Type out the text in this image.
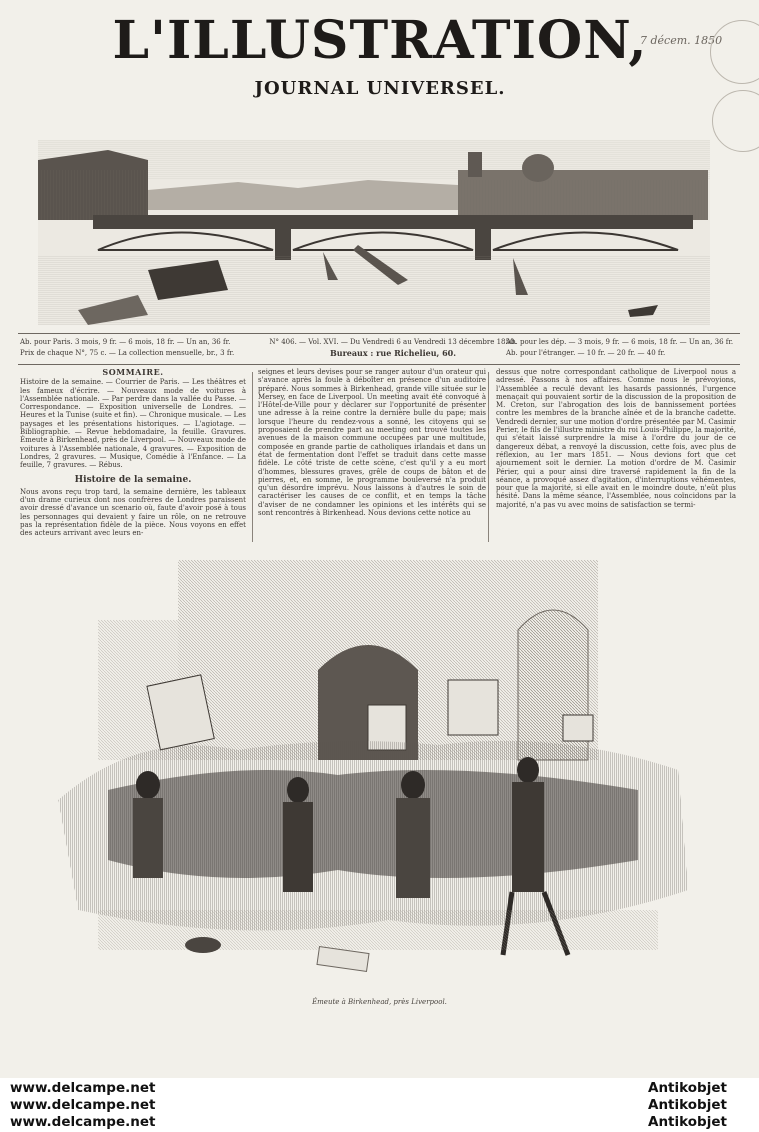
L'ILLUSTRATION,
JOURNAL UNIVERSEL.
7 décem. 1850
Ab. pour Paris. 3 mois, 9 fr. — 6 mois, 18 fr. — Un an, 36 fr.
Prix de chaque N°, 75 c. — La collection mensuelle, br., 3 fr.
N° 406. — Vol. XVI. — Du Vendredi 6 au Vendredi 13 décembre 1850.
Bureaux : rue Richelieu, 60.
Ab. pour les dép. — 3 mois, 9 fr. — 6 mois, 18 fr. — Un an, 36 fr.
Ab. pour l'étranger. — 10 fr. — 20 fr. — 40 fr.
SOMMAIRE.

Histoire de la semaine. — Courrier de Paris. — Les théâtres et les fameux d'écrire. — Nouveaux mode de voitures à l'Assemblée nationale. — Par perdre dans la vallée du Passe. — Correspondance. — Exposition universelle de Londres. — Heures et la Tunise (suite et fin). — Chronique musicale. — Les paysages et les présentations historiques. — L'agiotage. — Bibliographie. — Revue hebdomadaire, la feuille. Gravures. Émeute à Birkenhead, près de Liverpool. — Nouveaux mode de voitures à l'Assemblée nationale, 4 gravures. — Exposition de Londres, 2 gravures. — Musique, Comédie à l'Enfance. — La feuille, 7 gravures. — Rébus.

Histoire de la semaine.

Nous avons reçu trop tard, la semaine dernière, les tableaux d'un drame curieux dont nos confrères de Londres paraissent avoir dressé d'avance un scenario où, faute d'avoir posé à tous les personnages qui devaient y faire un rôle, on ne retrouve pas la représentation fidèle de la pièce. Nous voyons en effet des acteurs arrivant avec leurs en-

seignes et leurs devises pour se ranger autour d'un orateur qui s'avance après la foule à déboîter en présence d'un auditoire préparé. Nous sommes à Birkenhead, grande ville située sur le Mersey, en face de Liverpool. Un meeting avait été convoqué à l'Hôtel-de-Ville pour y déclarer sur l'opportunité de présenter une adresse à la reine contre la dernière bulle du pape; mais lorsque l'heure du rendez-vous a sonné, les citoyens qui se proposaient de prendre part au meeting ont trouvé toutes les avenues de la maison commune occupées par une multitude, composée en grande partie de catholiques irlandais et dans un état de fermentation dont l'effet se traduit dans cette masse fidèle. Le côté triste de cette scène, c'est qu'il y a eu mort d'hommes, blessures graves, grêle de coups de bâton et de pierres, et, en somme, le programme bouleversé n'a produit qu'un désordre imprévu. Nous laissons à d'autres le soin de caractériser les causes de ce conflit, et en temps la tâche d'aviser de ne condamner les opinions et les intérêts qui se sont rencontrés à Birkenhead. Nous devions cette notice au

dessus que notre correspondant catholique de Liverpool nous a adressé. Passons à nos affaires. Comme nous le prévoyions, l'Assemblée a reculé devant les hasards passionnés, l'urgence menaçait qui pouvaient sortir de la discussion de la proposition de M. Creton, sur l'abrogation des lois de bannissement portées contre les membres de la branche aînée et de la branche cadette. Vendredi dernier, sur une motion d'ordre présentée par M. Casimir Perier, le fils de l'illustre ministre du roi Louis-Philippe, la majorité, qui s'était laissé surprendre la mise à l'ordre du jour de ce dangereux débat, a renvoyé la discussion, cette fois, avec plus de réflexion, au 1er mars 1851. — Nous devions fort que cet ajournement soit le dernier. La motion d'ordre de M. Casimir Périer, qui a pour ainsi dire traversé rapidement la fin de la séance, a provoqué assez d'agitation, d'interruptions véhémentes, pour que la majorité, si elle avait en le moindre doute, n'eût plus hésité. Dans la même séance, l'Assemblée, nous coïncidons par la majorité, n'a pas vu avec moins de satisfaction se termi-

Émeute à Birkenhead, près Liverpool.
www.delcampe.net
www.delcampe.net
www.delcampe.net
Antikobjet
Antikobjet
Antikobjet
